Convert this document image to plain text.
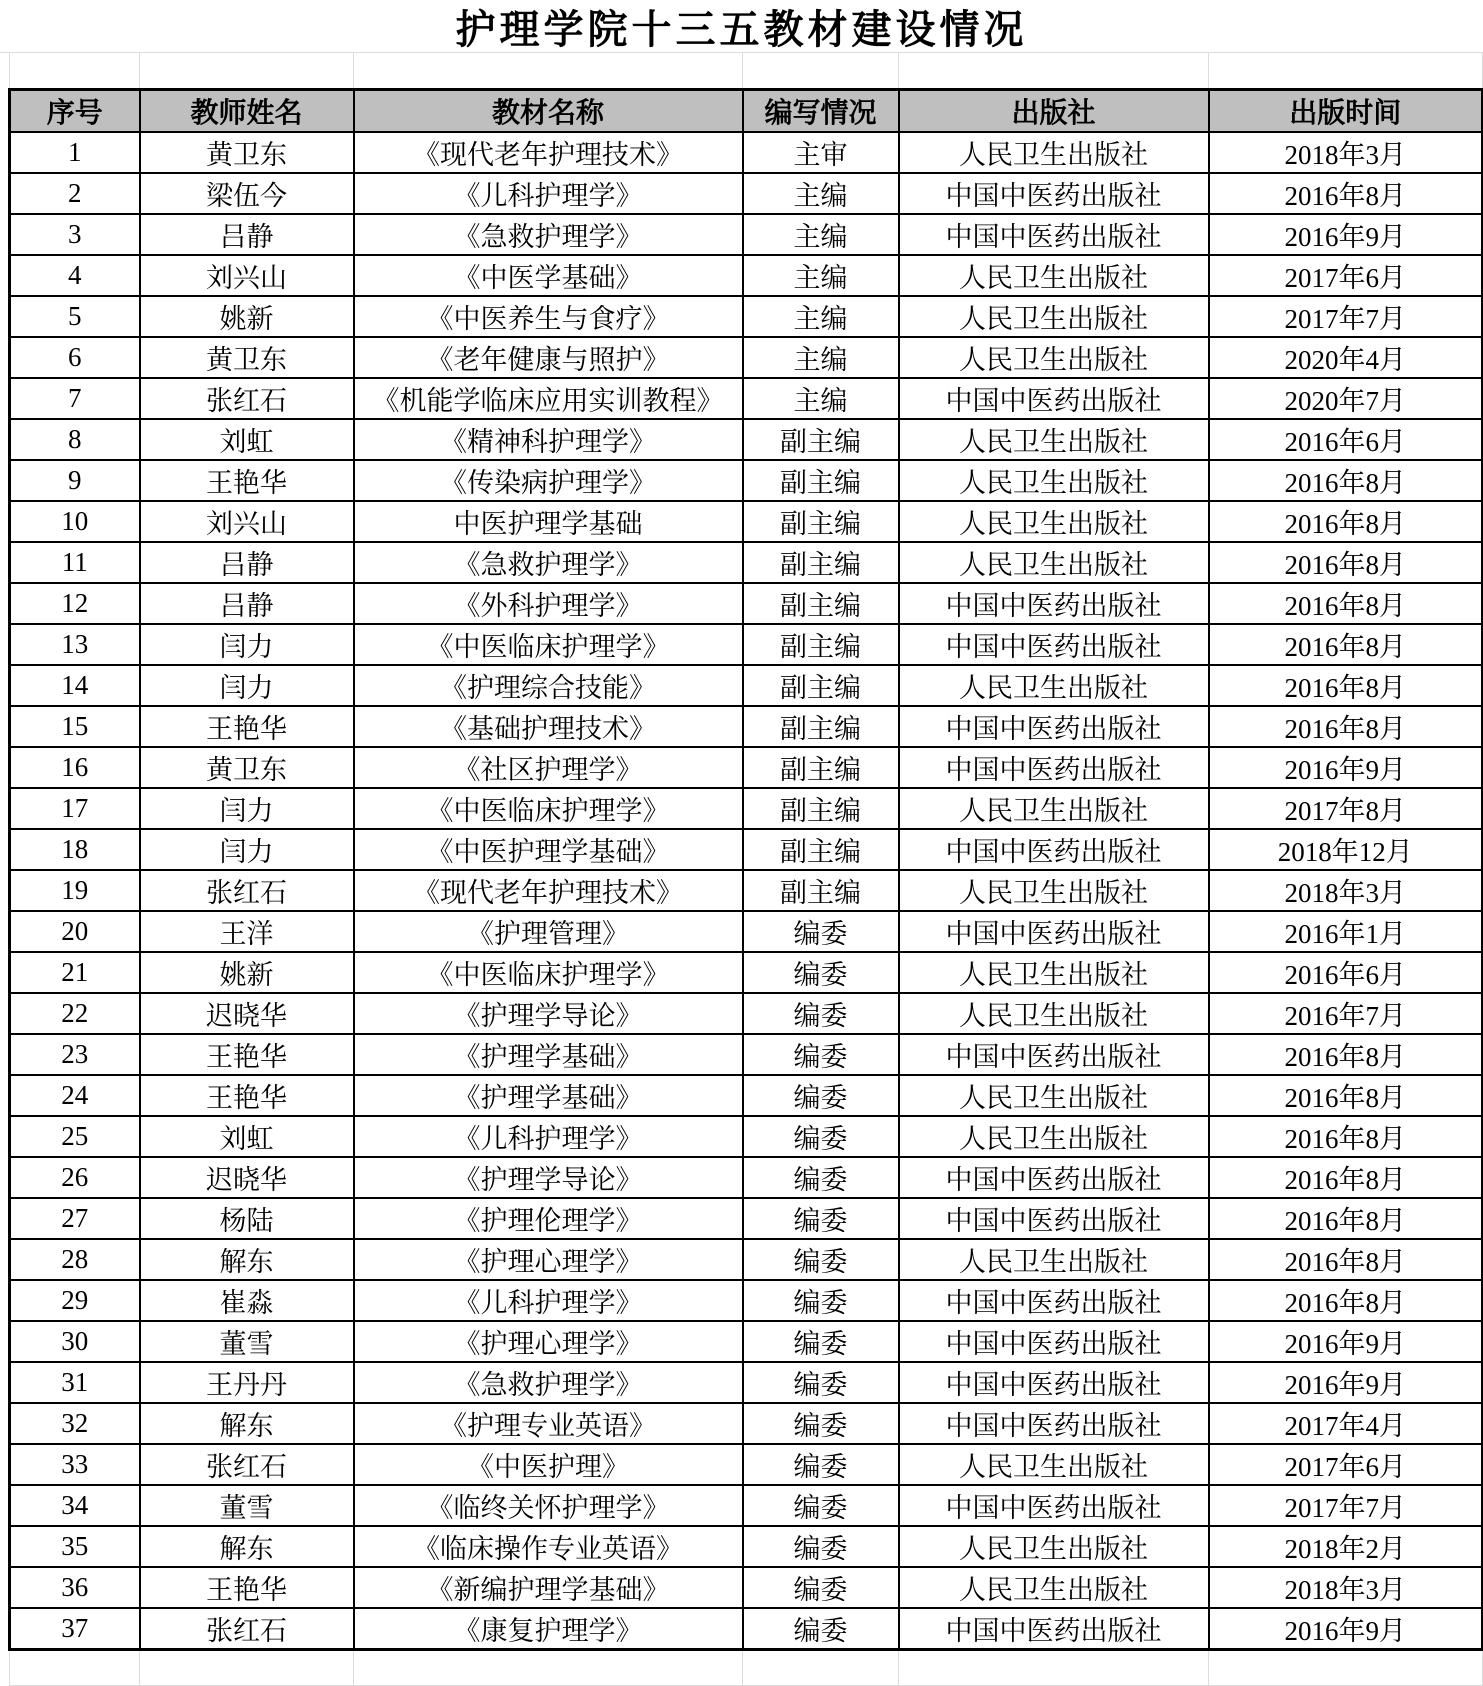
护理学院十三五教材建设情况

序号	教师姓名	教材名称	编写情况	出版社	出版时间
1	黄卫东	《现代老年护理技术》	主审	人民卫生出版社	2018年3月
2	梁伍今	《儿科护理学》	主编	中国中医药出版社	2016年8月
3	吕静	《急救护理学》	主编	中国中医药出版社	2016年9月
4	刘兴山	《中医学基础》	主编	人民卫生出版社	2017年6月
5	姚新	《中医养生与食疗》	主编	人民卫生出版社	2017年7月
6	黄卫东	《老年健康与照护》	主编	人民卫生出版社	2020年4月
7	张红石	《机能学临床应用实训教程》	主编	中国中医药出版社	2020年7月
8	刘虹	《精神科护理学》	副主编	人民卫生出版社	2016年6月
9	王艳华	《传染病护理学》	副主编	人民卫生出版社	2016年8月
10	刘兴山	中医护理学基础	副主编	人民卫生出版社	2016年8月
11	吕静	《急救护理学》	副主编	人民卫生出版社	2016年8月
12	吕静	《外科护理学》	副主编	中国中医药出版社	2016年8月
13	闫力	《中医临床护理学》	副主编	中国中医药出版社	2016年8月
14	闫力	《护理综合技能》	副主编	人民卫生出版社	2016年8月
15	王艳华	《基础护理技术》	副主编	中国中医药出版社	2016年8月
16	黄卫东	《社区护理学》	副主编	中国中医药出版社	2016年9月
17	闫力	《中医临床护理学》	副主编	人民卫生出版社	2017年8月
18	闫力	《中医护理学基础》	副主编	中国中医药出版社	2018年12月
19	张红石	《现代老年护理技术》	副主编	人民卫生出版社	2018年3月
20	王洋	《护理管理》	编委	中国中医药出版社	2016年1月
21	姚新	《中医临床护理学》	编委	人民卫生出版社	2016年6月
22	迟晓华	《护理学导论》	编委	人民卫生出版社	2016年7月
23	王艳华	《护理学基础》	编委	中国中医药出版社	2016年8月
24	王艳华	《护理学基础》	编委	人民卫生出版社	2016年8月
25	刘虹	《儿科护理学》	编委	人民卫生出版社	2016年8月
26	迟晓华	《护理学导论》	编委	中国中医药出版社	2016年8月
27	杨陆	《护理伦理学》	编委	中国中医药出版社	2016年8月
28	解东	《护理心理学》	编委	人民卫生出版社	2016年8月
29	崔淼	《儿科护理学》	编委	中国中医药出版社	2016年8月
30	董雪	《护理心理学》	编委	中国中医药出版社	2016年9月
31	王丹丹	《急救护理学》	编委	中国中医药出版社	2016年9月
32	解东	《护理专业英语》	编委	中国中医药出版社	2017年4月
33	张红石	《中医护理》	编委	人民卫生出版社	2017年6月
34	董雪	《临终关怀护理学》	编委	中国中医药出版社	2017年7月
35	解东	《临床操作专业英语》	编委	人民卫生出版社	2018年2月
36	王艳华	《新编护理学基础》	编委	人民卫生出版社	2018年3月
37	张红石	《康复护理学》	编委	中国中医药出版社	2016年9月
